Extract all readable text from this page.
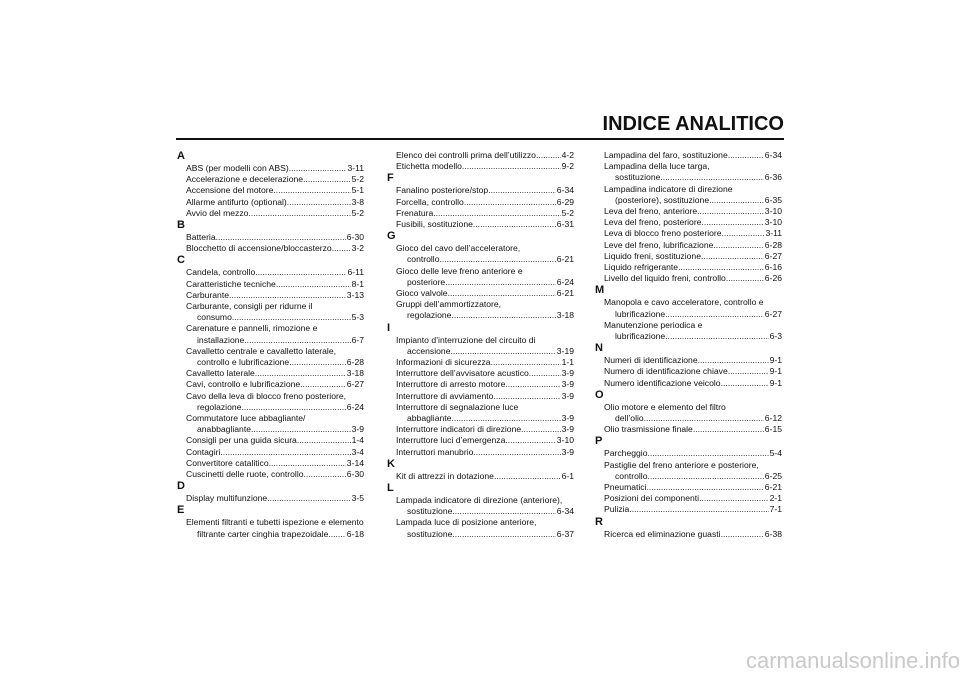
INDICE ANALITICO
A
ABS (per modelli con ABS) .....	3-11
Accelerazione e decelerazione .....	5-2
Accensione del motore .....	5-1
Allarme antifurto (optional) .....	3-8
Avvio del mezzo .....	5-2
B
Batteria .....	6-30
Blocchetto di accensione/bloccasterzo ..... 3-2
C
Candela, controllo .....	6-11
Caratteristiche tecniche .....	8-1
Carburante .....	3-13
Carburante, consigli per ridurne il
consumo .....	5-3
Carenature e pannelli, rimozione e
installazione .....	6-7
Cavalletto centrale e cavalletto laterale,
controllo e lubrificazione .....	6-28
Cavalletto laterale .....	3-18
Cavi, controllo e lubrificazione .....	6-27
Cavo della leva di blocco freno posteriore,
regolazione .....	6-24
Commutatore luce abbagliante/
anabbagliante .....	3-9
Consigli per una guida sicura .....	1-4
Contagiri .....	3-4
Convertitore catalitico .....	3-14
Cuscinetti delle ruote, controllo .....	6-30
D
Display multifunzione .....	3-5
E
Elementi filtranti e tubetti ispezione e elemento
filtrante carter cinghia trapezoidale ..... 6-18
Elenco dei controlli prima dell’utilizzo .....	4-2
Etichetta modello .....	9-2
F
Fanalino posteriore/stop .....	6-34
Forcella, controllo .....	6-29
Frenatura .....	5-2
Fusibili, sostituzione .....	6-31
G
Gioco del cavo dell’acceleratore,
controllo .....	6-21
Gioco delle leve freno anteriore e
posteriore .....	6-24
Gioco valvole .....	6-21
Gruppi dell’ammortizzatore,
regolazione .....	3-18
I
Impianto d’interruzione del circuito di
accensione .....	3-19
Informazioni di sicurezza .....	1-1
Interruttore dell’avvisatore acustico .....	3-9
Interruttore di arresto motore .....	3-9
Interruttore di avviamento .....	3-9
Interruttore di segnalazione luce
abbagliante .....	3-9
Interruttore indicatori di direzione .....	3-9
Interruttore luci d’emergenza .....	3-10
Interruttori manubrio .....	3-9
K
Kit di attrezzi in dotazione .....	6-1
L
Lampada indicatore di direzione (anteriore),
sostituzione .....	6-34
Lampada luce di posizione anteriore,
sostituzione .....	6-37
Lampadina del faro, sostituzione .....	6-34
Lampadina della luce targa,
sostituzione .....	6-36
Lampadina indicatore di direzione
(posteriore), sostituzione .....	6-35
Leva del freno, anteriore .....	3-10
Leva del freno, posteriore .....	3-10
Leva di blocco freno posteriore .....	3-11
Leve del freno, lubrificazione .....	6-28
Liquido freni, sostituzione .....	6-27
Liquido refrigerante .....	6-16
Livello del liquido freni, controllo .....	6-26
M
Manopola e cavo acceleratore, controllo e
lubrificazione .....	6-27
Manutenzione periodica e
lubrificazione .....	6-3
N
Numeri di identificazione .....	9-1
Numero di identificazione chiave .....	9-1
Numero identificazione veicolo .....	9-1
O
Olio motore e elemento del filtro
dell’olio .....	6-12
Olio trasmissione finale .....	6-15
P
Parcheggio .....	5-4
Pastiglie del freno anteriore e posteriore,
controllo .....	6-25
Pneumatici .....	6-21
Posizioni dei componenti .....	2-1
Pulizia .....	7-1
R
Ricerca ed eliminazione guasti .....	6-38
carmanualsonline.info
